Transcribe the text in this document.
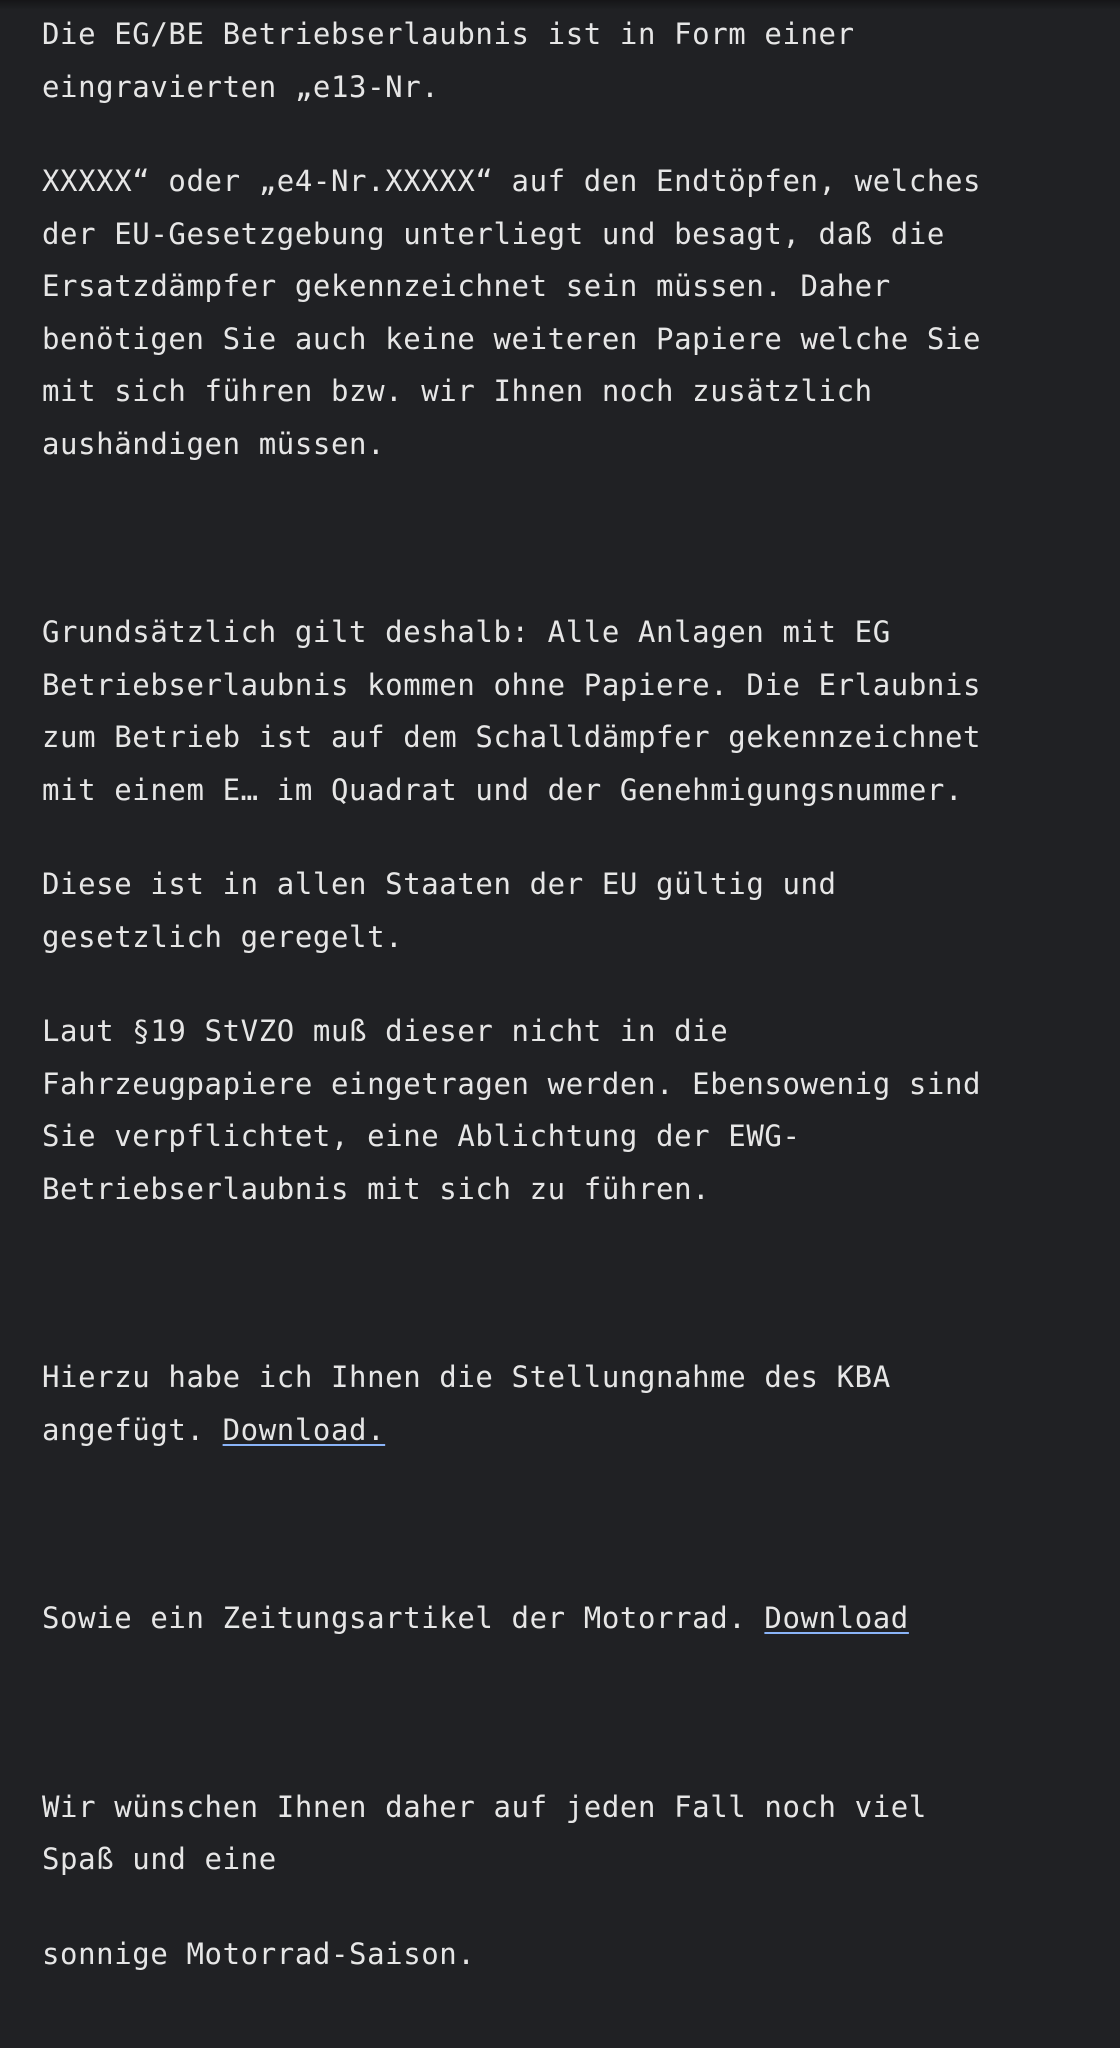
Die EG/BE Betriebserlaubnis ist in Form einer
eingravierten „e13-Nr.

XXXXX“ oder „e4-Nr.XXXXX“ auf den Endtöpfen, welches
der EU-Gesetzgebung unterliegt und besagt, daß die
Ersatzdämpfer gekennzeichnet sein müssen. Daher
benötigen Sie auch keine weiteren Papiere welche Sie
mit sich führen bzw. wir Ihnen noch zusätzlich
aushändigen müssen.

Grundsätzlich gilt deshalb: Alle Anlagen mit EG
Betriebserlaubnis kommen ohne Papiere. Die Erlaubnis
zum Betrieb ist auf dem Schalldämpfer gekennzeichnet
mit einem E… im Quadrat und der Genehmigungsnummer.

Diese ist in allen Staaten der EU gültig und
gesetzlich geregelt.

Laut §19 StVZO muß dieser nicht in die
Fahrzeugpapiere eingetragen werden. Ebensowenig sind
Sie verpflichtet, eine Ablichtung der EWG-
Betriebserlaubnis mit sich zu führen.

Hierzu habe ich Ihnen die Stellungnahme des KBA
angefügt. Download.

Sowie ein Zeitungsartikel der Motorrad. Download

Wir wünschen Ihnen daher auf jeden Fall noch viel
Spaß und eine

sonnige Motorrad-Saison.
